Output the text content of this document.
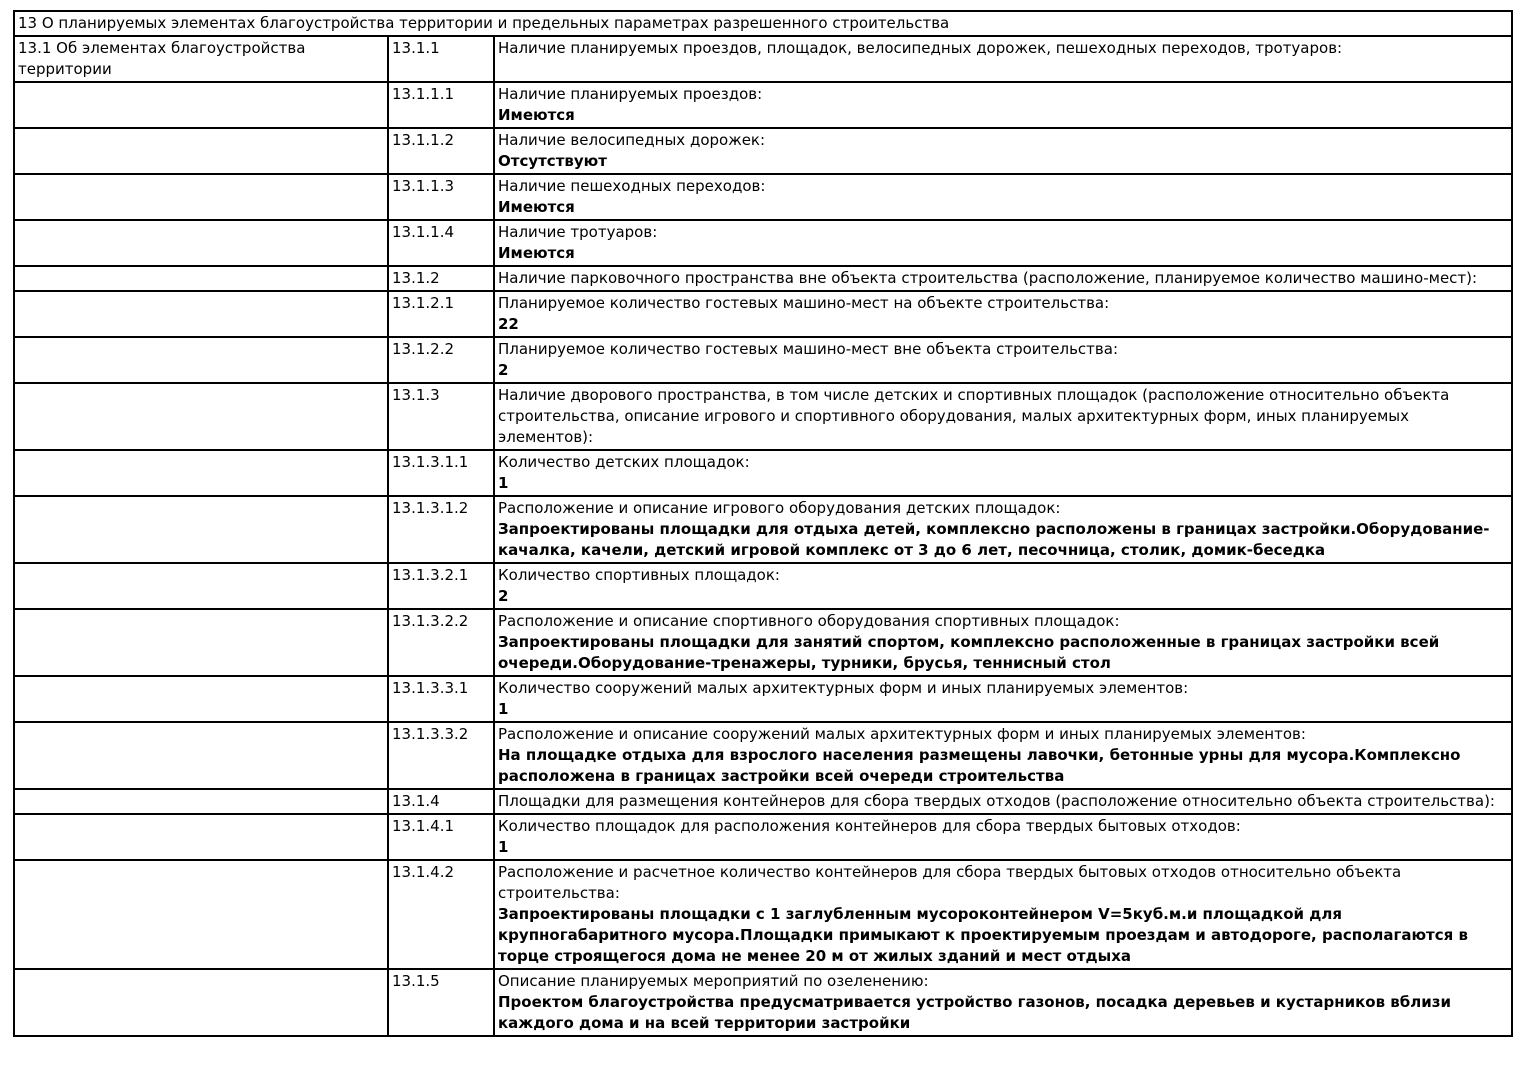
13 О планируемых элементах благоустройства территории и предельных параметрах разрешенного строительства		
13.1 Об элементах благоустройства территории	13.1.1	Наличие планируемых проездов, площадок, велосипедных дорожек, пешеходных переходов, тротуаров:

	13.1.1.1	Наличие планируемых проездов:
Имеются

	13.1.1.2	Наличие велосипедных дорожек:
Отсутствуют

	13.1.1.3	Наличие пешеходных переходов:
Имеются

	13.1.1.4	Наличие тротуаров:
Имеются

	13.1.2	Наличие парковочного пространства вне объекта строительства (расположение, планируемое количество машино-мест):

	13.1.2.1	Планируемое количество гостевых машино-мест на объекте строительства:
22

	13.1.2.2	Планируемое количество гостевых машино-мест вне объекта строительства:
2

	13.1.3	Наличие дворового пространства, в том числе детских и спортивных площадок (расположение относительно объекта строительства, описание игрового и спортивного оборудования, малых архитектурных форм, иных планируемых элементов):

	13.1.3.1.1	Количество детских площадок:
1

	13.1.3.1.2	Расположение и описание игрового оборудования детских площадок:
Запроектированы площадки для отдыха детей, комплексно расположены в границах застройки.Оборудование-качалка, качели, детский игровой комплекс от 3 до 6 лет, песочница, столик, домик-беседка

	13.1.3.2.1	Количество спортивных площадок:
2

	13.1.3.2.2	Расположение и описание спортивного оборудования спортивных площадок:
Запроектированы площадки для занятий спортом, комплексно расположенные в границах застройки всей очереди.Оборудование-тренажеры, турники, брусья, теннисный стол

	13.1.3.3.1	Количество сооружений малых архитектурных форм и иных планируемых элементов:
1

	13.1.3.3.2	Расположение и описание сооружений малых архитектурных форм и иных планируемых элементов:
На площадке отдыха для взрослого населения размещены лавочки, бетонные урны для мусора.Комплексно расположена в границах застройки всей очереди строительства

	13.1.4	Площадки для размещения контейнеров для сбора твердых отходов (расположение относительно объекта строительства):

	13.1.4.1	Количество площадок для расположения контейнеров для сбора твердых бытовых отходов:
1

	13.1.4.2	Расположение и расчетное количество контейнеров для сбора твердых бытовых отходов относительно объекта строительства:
Запроектированы площадки с 1 заглубленным мусороконтейнером V=5куб.м.и площадкой для крупногабаритного мусора.Площадки примыкают к проектируемым проездам и автодороге, располагаются в торце строящегося дома не менее 20 м от жилых зданий и мест отдыха

	13.1.5	Описание планируемых мероприятий по озеленению:
Проектом благоустройства предусматривается устройство газонов, посадка деревьев и кустарников вблизи каждого дома и на всей территории застройки
